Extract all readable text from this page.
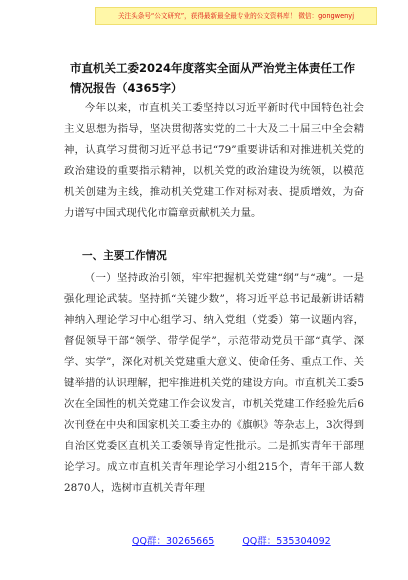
关注头条号“公文研究”，获得最新最全最专业的公文资料库！ 微信：gongwenyj
市直机关工委2024年度落实全面从严治党主体责任工作情况报告（4365字）

今年以来，市直机关工委坚持以习近平新时代中国特色社会主义思想为指导，坚决贯彻落实党的二十大及二十届三中全会精神，认真学习贯彻习近平总书记“79”重要讲话和对推进机关党的政治建设的重要指示精神，以机关党的政治建设为统领，以模范机关创建为主线，推动机关党建工作对标对表、提质增效，为奋力谱写中国式现代化市篇章贡献机关力量。

一、主要工作情况

（一）坚持政治引领，牢牢把握机关党建“纲”与“魂”。一是强化理论武装。坚持抓“关键少数”，将习近平总书记最新讲话精神纳入理论学习中心组学习、纳入党组（党委）第一议题内容，督促领导干部“领学、带学促学”，示范带动党员干部“真学、深学、实学”，深化对机关党建重大意义、使命任务、重点工作、关键举措的认识理解，把牢推进机关党的建设方向。市直机关工委5次在全国性的机关党建工作会议发言，市机关党建工作经验先后6次刊登在中央和国家机关工委主办的《旗帜》等杂志上，3次得到自治区党委区直机关工委领导肯定性批示。二是抓实青年干部理论学习。成立市直机关青年理论学习小组215个，青年干部人数2870人，选树市直机关青年理

QQ群：30265665	QQ群：535304092
